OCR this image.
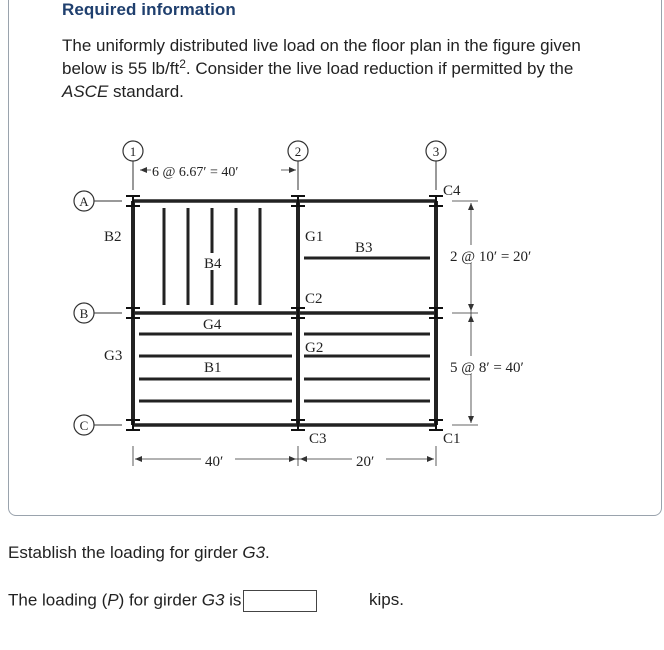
Required information
The uniformly distributed live load on the floor plan in the figure given below is 55 $lb/ft^2$. Consider the live load reduction if permitted by the ASCE standard.
1	2	3
6 @ 6.67′ = 40′
A
B
C
B2
B4
G1
B3
C2
G4
G3	G2
B1
C4
C1
C3
2 @ 10′ = 20′
5 @ 8′ = 40′
40′	20′
Establish the loading for girder G3.
The loading (P) for girder G3 is	kips.
